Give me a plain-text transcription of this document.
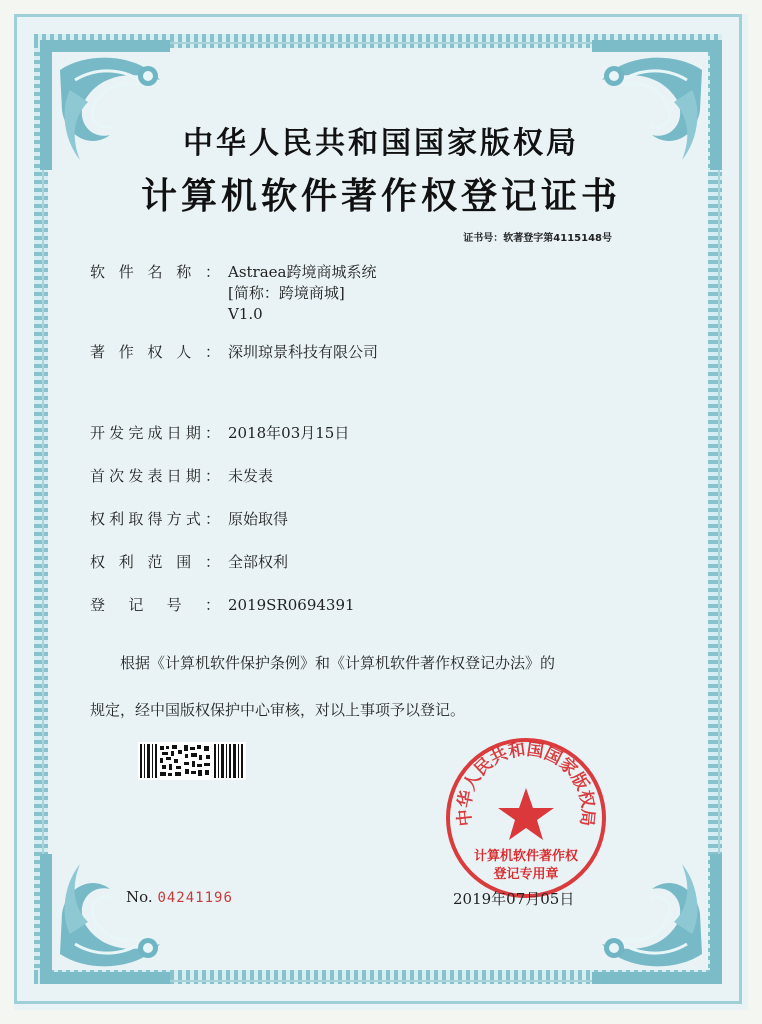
中华人民共和国国家版权局
计算机软件著作权登记证书
证书号：软著登字第4115148号
软件名称： Astraea跨境商城系统
[简称：跨境商城]
V1.0
著作权人： 深圳琼景科技有限公司
开发完成日期： 2018年03月15日
首次发表日期： 未发表
权利取得方式： 原始取得
权利范围： 全部权利
登记号： 2019SR0694391
根据《计算机软件保护条例》和《计算机软件著作权登记办法》的
规定，经中国版权保护中心审核，对以上事项予以登记。
No. 04241196
中华人民共和国国家版权局
计算机软件著作权
登记专用章
2019年07月05日
